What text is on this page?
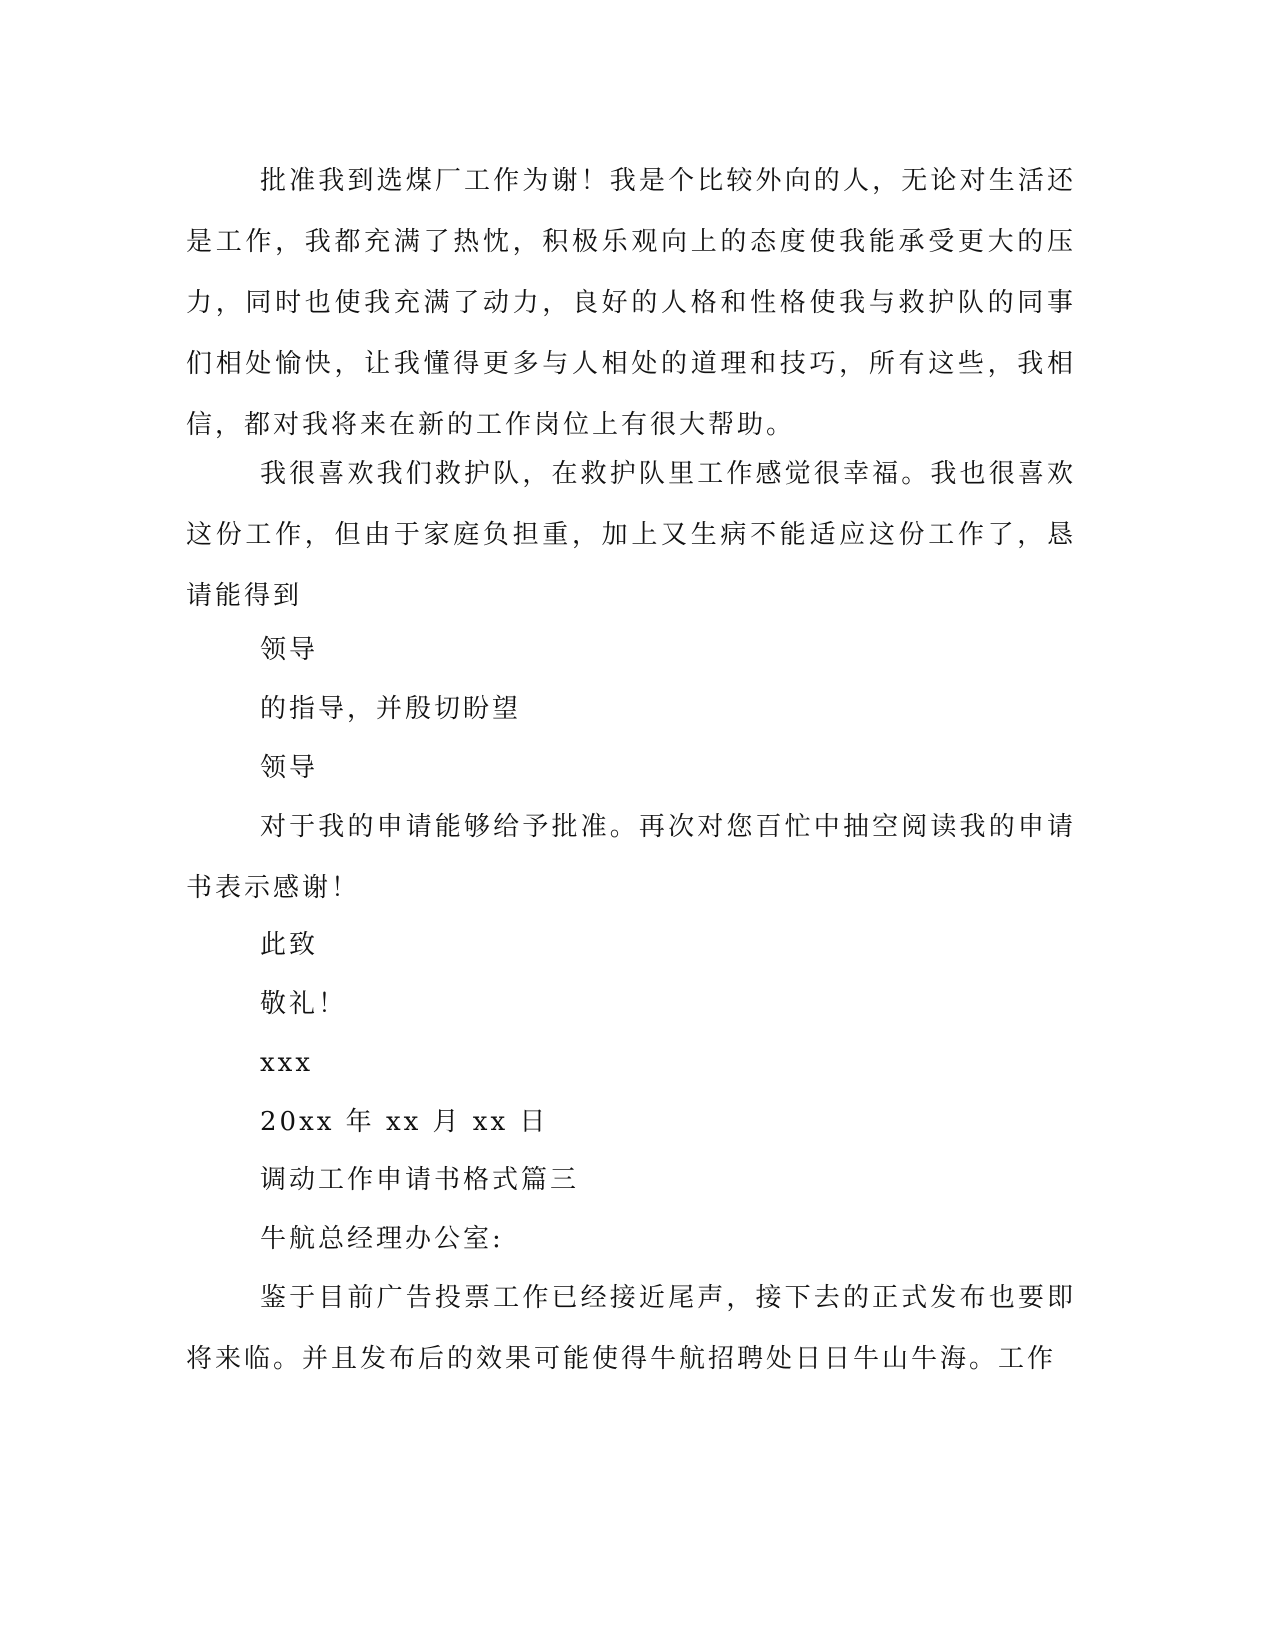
批准我到选煤厂工作为谢！我是个比较外向的人，无论对生活还是工作，我都充满了热忱，积极乐观向上的态度使我能承受更大的压力，同时也使我充满了动力，良好的人格和性格使我与救护队的同事们相处愉快，让我懂得更多与人相处的道理和技巧，所有这些，我相信，都对我将来在新的工作岗位上有很大帮助。

我很喜欢我们救护队，在救护队里工作感觉很幸福。我也很喜欢这份工作，但由于家庭负担重，加上又生病不能适应这份工作了，恳请能得到

领导

的指导，并殷切盼望

领导

对于我的申请能够给予批准。再次对您百忙中抽空阅读我的申请书表示感谢！

此致

敬礼！

xxx

20xx 年 xx 月 xx 日

调动工作申请书格式篇三

牛航总经理办公室:

鉴于目前广告投票工作已经接近尾声，接下去的正式发布也要即将来临。并且发布后的效果可能使得牛航招聘处日日牛山牛海。工作
